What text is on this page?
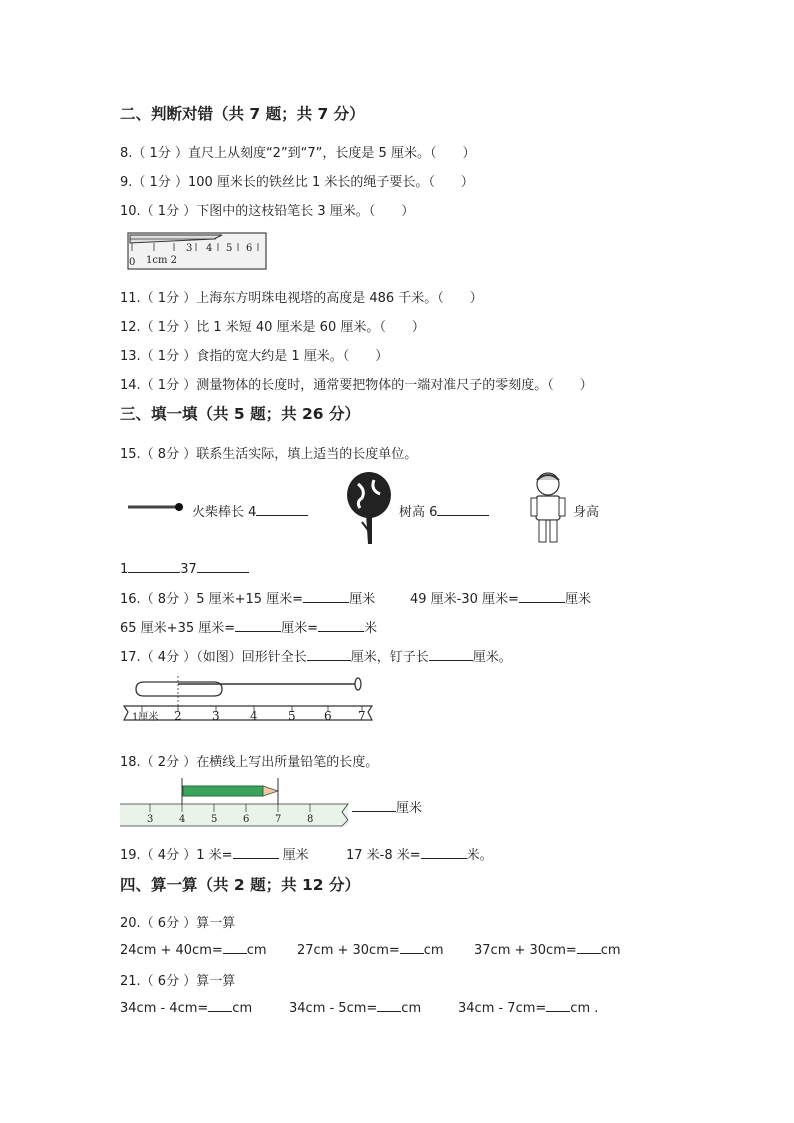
二、判断对错（共 7 题；共 7 分）
8.（ 1分 ）直尺上从刻度“2”到“7”，长度是 5 厘米。（　　）
9.（ 1分 ）100 厘米长的铁丝比 1 米长的绳子要长。（　　）
10.（ 1分 ）下图中的这枝铅笔长 3 厘米。（　　）
0 1cm 2
3 4 5 6
11.（ 1分 ）上海东方明珠电视塔的高度是 486 千米。（　　）
12.（ 1分 ）比 1 米短 40 厘米是 60 厘米。（　　）
13.（ 1分 ）食指的宽大约是 1 厘米。（　　）
14.（ 1分 ）测量物体的长度时，通常要把物体的一端对准尺子的零刻度。（　　）
三、填一填（共 5 题；共 26 分）
15.（ 8分 ）联系生活实际，填上适当的长度单位。
火柴棒长 4	树高 6	身高
1	37
16.（ 8分 ）5 厘米+15 厘米=	厘米	49 厘米-30 厘米=	厘米
65 厘米+35 厘米=	厘米=	米
17.（ 4分 ）（如图）回形针全长	厘米，钉子长	厘米。
1厘米 2	3	4	5 6 7
18.（ 2分 ）在横线上写出所量铅笔的长度。
3	4	5	6	7	8
厘米
19.（ 4分 ）1 米=	厘米	17 米-8 米=	米。
四、算一算（共 2 题；共 12 分）
20.（ 6分 ）算一算
24cm + 40cm= cm 27cm + 30cm= cm 37cm + 30cm= cm
21.（ 6分 ）算一算
34cm - 4cm= cm	34cm - 5cm= cm	34cm - 7cm= cm .
